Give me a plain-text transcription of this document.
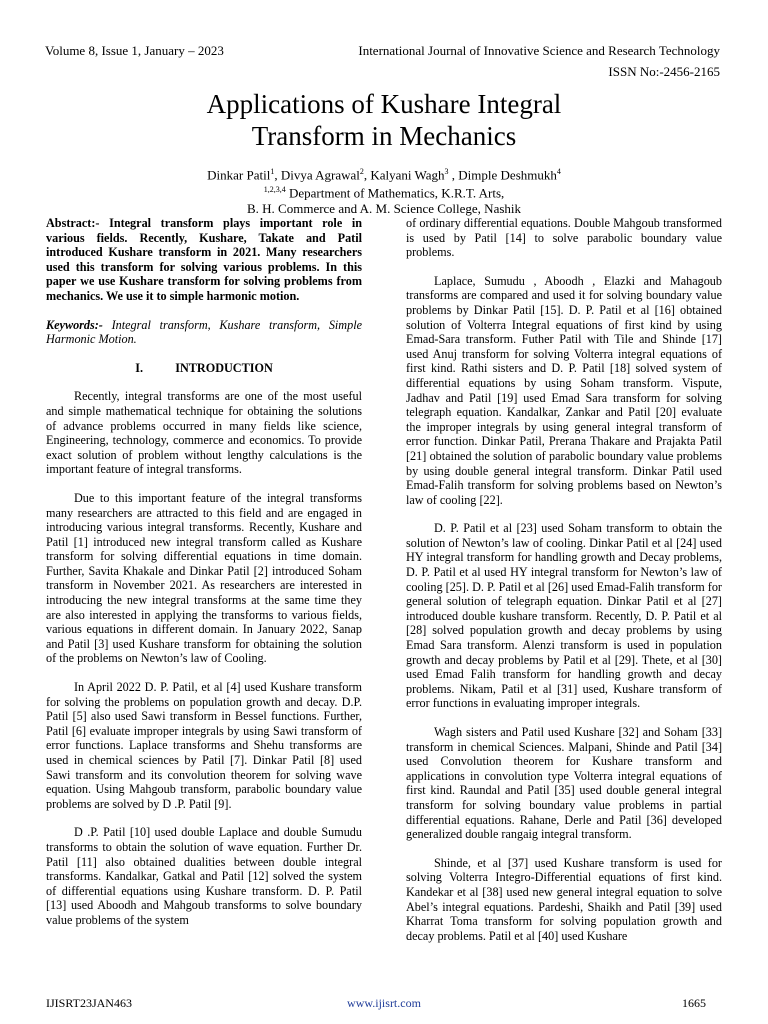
Volume 8, Issue 1, January – 2023	International Journal of Innovative Science and Research Technology
ISSN No:-2456-2165
Applications of Kushare Integral
Transform in Mechanics
Dinkar Patil$^1$, Divya Agrawal$^2$, Kalyani Wagh$^3$ , Dimple Deshmukh$^4$
$^{1,2,3,4}$ Department of Mathematics, K.R.T. Arts,
B. H. Commerce and A. M. Science College, Nashik

Abstract:- Integral transform plays important role in various fields. Recently, Kushare, Takate and Patil introduced Kushare transform in 2021. Many researchers used this transform for solving various problems. In this paper we use Kushare transform for solving problems from mechanics. We use it to simple harmonic motion.

Keywords:- Integral transform, Kushare transform, Simple Harmonic Motion.

I.	INTRODUCTION

Recently, integral transforms are one of the most useful and simple mathematical technique for obtaining the solutions of advance problems occurred in many fields like science, Engineering, technology, commerce and economics. To provide exact solution of problem without lengthy calculations is the important feature of integral transforms.

Due to this important feature of the integral transforms many researchers are attracted to this field and are engaged in introducing various integral transforms. Recently, Kushare and Patil [1] introduced new integral transform called as Kushare transform for solving differential equations in time domain. Further, Savita Khakale and Dinkar Patil [2] introduced Soham transform in November 2021. As researchers are interested in introducing the new integral transforms at the same time they are also interested in applying the transforms to various fields, various equations in different domain. In January 2022, Sanap and Patil [3] used Kushare transform for obtaining the solution of the problems on Newton’s law of Cooling.

In April 2022 D. P. Patil, et al [4] used Kushare transform for solving the problems on population growth and decay. D.P. Patil [5] also used Sawi transform in Bessel functions. Further, Patil [6] evaluate improper integrals by using Sawi transform of error functions. Laplace transforms and Shehu transforms are used in chemical sciences by Patil [7]. Dinkar Patil [8] used Sawi transform and its convolution theorem for solving wave equation. Using Mahgoub transform, parabolic boundary value problems are solved by D .P. Patil [9].

D .P. Patil [10] used double Laplace and double Sumudu transforms to obtain the solution of wave equation. Further Dr. Patil [11] also obtained dualities between double integral transforms. Kandalkar, Gatkal and Patil [12] solved the system of differential equations using Kushare transform. D. P. Patil [13] used Aboodh and Mahgoub transforms to solve boundary value problems of the system

of ordinary differential equations. Double Mahgoub transformed is used by Patil [14] to solve parabolic boundary value problems.

Laplace, Sumudu , Aboodh , Elazki and Mahagoub transforms are compared and used it for solving boundary value problems by Dinkar Patil [15]. D. P. Patil et al [16] obtained solution of Volterra Integral equations of first kind by using Emad-Sara transform. Futher Patil with Tile and Shinde [17] used Anuj transform for solving Volterra integral equations of first kind. Rathi sisters and D. P. Patil [18] solved system of differential equations by using Soham transform. Vispute, Jadhav and Patil [19] used Emad Sara transform for solving telegraph equation. Kandalkar, Zankar and Patil [20] evaluate the improper integrals by using general integral transform of error function. Dinkar Patil, Prerana Thakare and Prajakta Patil [21] obtained the solution of parabolic boundary value problems by using double general integral transform. Dinkar Patil used Emad-Falih transform for solving problems based on Newton’s law of cooling [22].

D. P. Patil et al [23] used Soham transform to obtain the solution of Newton’s law of cooling. Dinkar Patil et al [24] used HY integral transform for handling growth and Decay problems, D. P. Patil et al used HY integral transform for Newton’s law of cooling [25]. D. P. Patil et al [26] used Emad-Falih transform for general solution of telegraph equation. Dinkar Patil et al [27] introduced double kushare transform. Recently, D. P. Patil et al [28] solved population growth and decay problems by using Emad Sara transform. Alenzi transform is used in population growth and decay problems by Patil et al [29]. Thete, et al [30] used Emad Falih transform for handling growth and decay problems. Nikam, Patil et al [31] used, Kushare transform of error functions in evaluating improper integrals.

Wagh sisters and Patil used Kushare [32] and Soham [33] transform in chemical Sciences. Malpani, Shinde and Patil [34] used Convolution theorem for Kushare transform and applications in convolution type Volterra integral equations of first kind. Raundal and Patil [35] used double general integral transform for solving boundary value problems in partial differential equations. Rahane, Derle and Patil [36] developed generalized double rangaig integral transform.

Shinde, et al [37] used Kushare transform is used for solving Volterra Integro-Differential equations of first kind. Kandekar et al [38] used new general integral equation to solve Abel’s integral equations. Pardeshi, Shaikh and Patil [39] used Kharrat Toma transform for solving population growth and decay problems. Patil et al [40] used Kushare

IJISRT23JAN463	www.ijisrt.com	1665
